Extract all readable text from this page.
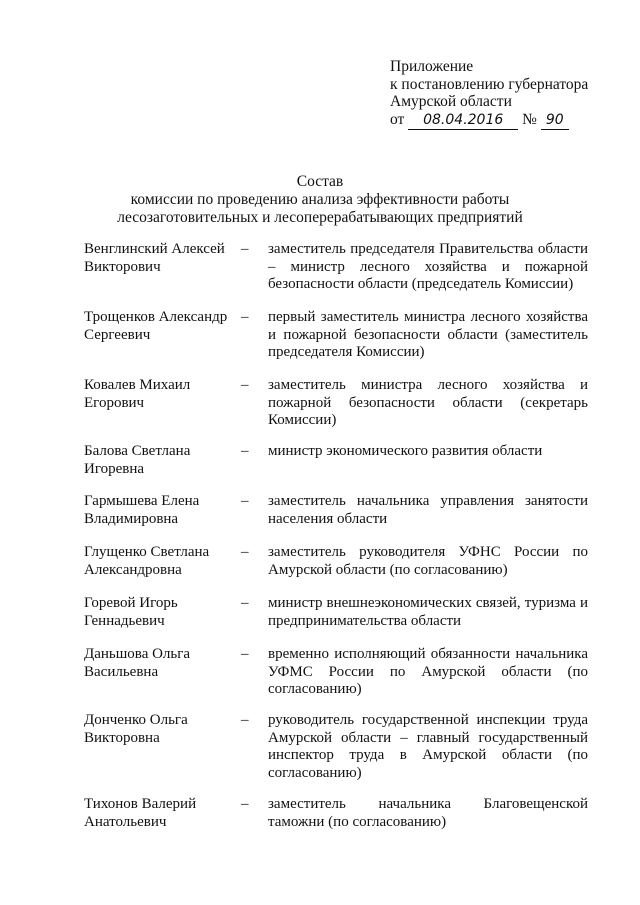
Приложение
к постановлению губернатора
Амурской области
от 08.04.2016 № 90
Состав
комиссии по проведению анализа эффективности работы
лесозаготовительных и лесоперерабатывающих предприятий
Венглинский Алексей Викторович
– заместитель председателя Правительства области – министр лесного хозяйства и пожарной безопасности области (председатель Комиссии)
Трощенков Александр Сергеевич
– первый заместитель министра лесного хозяйства и пожарной безопасности области (заместитель председателя Комиссии)
Ковалев Михаил Егорович
– заместитель министра лесного хозяйства и пожарной безопасности области (секретарь Комиссии)
Балова Светлана Игоревна
– министр экономического развития области
Гармышева Елена Владимировна
– заместитель начальника управления занятости населения области
Глущенко Светлана Александровна
– заместитель руководителя УФНС России по Амурской области (по согласованию)
Горевой Игорь Геннадьевич
– министр внешнеэкономических связей, туризма и предпринимательства области
Даньшова Ольга Васильевна
– временно исполняющий обязанности начальника УФМС России по Амурской области (по согласованию)
Донченко Ольга Викторовна
– руководитель государственной инспекции труда Амурской области – главный государственный инспектор труда в Амурской области (по согласованию)
Тихонов Валерий Анатольевич
– заместитель начальника Благовещенской таможни (по согласованию)
